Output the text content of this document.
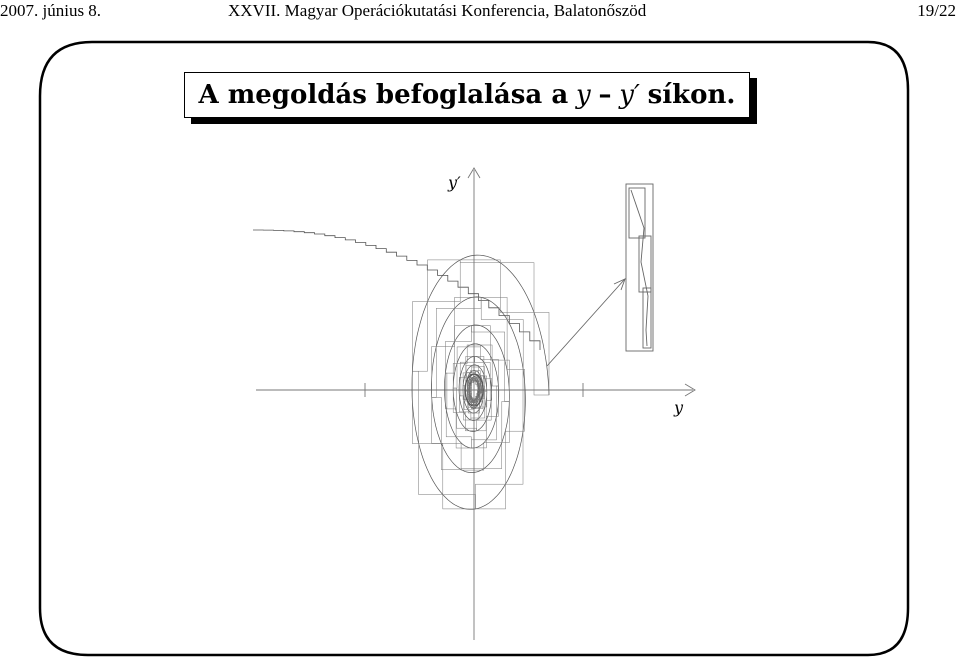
2007. június 8.	XXVII. Magyar Operációkutatási Konferencia, Balatonőszöd	19/22
y
y′
A megoldás befoglalása a y – y′ síkon.
